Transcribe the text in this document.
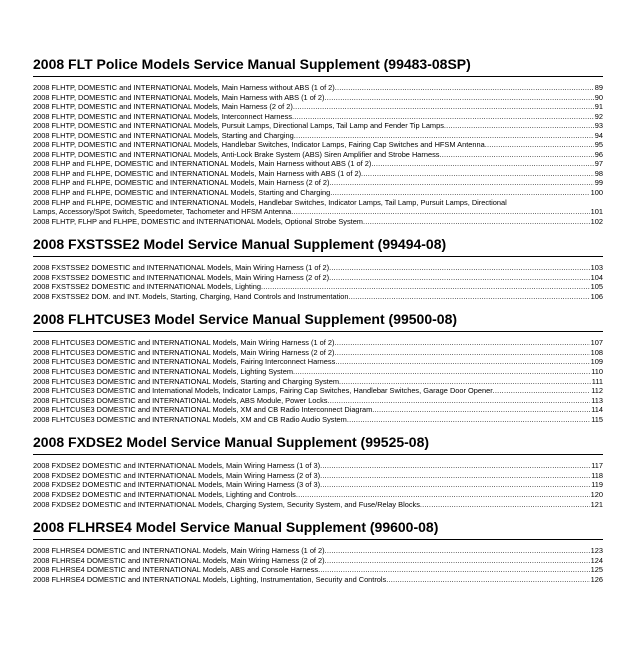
2008 FLT Police Models Service Manual Supplement (99483-08SP)
2008 FLHTP, DOMESTIC and INTERNATIONAL Models, Main Harness without ABS (1 of 2) .....	89
2008 FLHTP, DOMESTIC and INTERNATIONAL Models, Main Harness with ABS (1 of 2) .....	90
2008 FLHTP, DOMESTIC and INTERNATIONAL Models, Main Harness (2 of 2) .....	91
2008 FLHTP, DOMESTIC and INTERNATIONAL Models, Interconnect Harness .....	92
2008 FLHTP, DOMESTIC and INTERNATIONAL Models, Pursuit Lamps, Directional Lamps, Tail Lamp and Fender Tip Lamps .....	93
2008 FLHTP, DOMESTIC and INTERNATIONAL Models, Starting and Charging .....	94
2008 FLHTP, DOMESTIC and INTERNATIONAL Models, Handlebar Switches, Indicator Lamps, Fairing Cap Switches and HFSM Antenna .....	95
2008 FLHTP, DOMESTIC and INTERNATIONAL Models, Anti-Lock Brake System (ABS) Siren Amplifier and Strobe Harness .....	96
2008 FLHP and FLHPE, DOMESTIC and INTERNATIONAL Models, Main Harness without ABS (1 of 2) .....	97
2008 FLHP and FLHPE, DOMESTIC and INTERNATIONAL Models, Main Harness with ABS (1 of 2) .....	98
2008 FLHP and FLHPE, DOMESTIC and INTERNATIONAL Models, Main Harness (2 of 2) .....	99
2008 FLHP and FLHPE, DOMESTIC and INTERNATIONAL Models, Starting and Charging .....	100
2008 FLHP and FLHPE, DOMESTIC and INTERNATIONAL Models, Handlebar Switches, Indicator Lamps, Tail Lamp, Pursuit Lamps, Directional
Lamps, Accessory/Spot Switch, Speedometer, Tachometer and HFSM Antenna .....	101
2008 FLHTP, FLHP and FLHPE, DOMESTIC and INTERNATIONAL Models, Optional Strobe System .....	102
2008 FXSTSSE2 Model Service Manual Supplement (99494-08)
2008 FXSTSSE2 DOMESTIC and INTERNATIONAL Models, Main Wiring Harness (1 of 2) .....	103
2008 FXSTSSE2 DOMESTIC and INTERNATIONAL Models, Main Wiring Harness (2 of 2) .....	104
2008 FXSTSSE2 DOMESTIC and INTERNATIONAL Models, Lighting .....	105
2008 FXSTSSE2 DOM. and INT. Models, Starting, Charging, Hand Controls and Instrumentation .....	106
2008 FLHTCUSE3 Model Service Manual Supplement (99500-08)
2008 FLHTCUSE3 DOMESTIC and INTERNATIONAL Models, Main Wiring Harness (1 of 2) .....	107
2008 FLHTCUSE3 DOMESTIC and INTERNATIONAL Models, Main Wiring Harness (2 of 2) .....	108
2008 FLHTCUSE3 DOMESTIC and INTERNATIONAL Models, Fairing Interconnect Harness .....	109
2008 FLHTCUSE3 DOMESTIC and INTERNATIONAL Models, Lighting System .....	110
2008 FLHTCUSE3 DOMESTIC and INTERNATIONAL Models, Starting and Charging System .....	111
2008 FLHTCUSE3 DOMESTIC and International Models, Indicator Lamps, Fairing Cap Switches, Handlebar Switches, Garage Door Opener .....	112
2008 FLHTCUSE3 DOMESTIC and INTERNATIONAL Models, ABS Module, Power Locks .....	113
2008 FLHTCUSE3 DOMESTIC and INTERNATIONAL Models, XM and CB Radio Interconnect Diagram .....	114
2008 FLHTCUSE3 DOMESTIC and INTERNATIONAL Models, XM and CB Radio Audio System .....	115
2008 FXDSE2 Model Service Manual Supplement (99525-08)
2008 FXDSE2 DOMESTIC and INTERNATIONAL Models, Main Wiring Harness (1 of 3) .....	117
2008 FXDSE2 DOMESTIC and INTERNATIONAL Models, Main Wiring Harness (2 of 3) .....	118
2008 FXDSE2 DOMESTIC and INTERNATIONAL Models, Main Wiring Harness (3 of 3) .....	119
2008 FXDSE2 DOMESTIC and INTERNATIONAL Models, Lighting and Controls .....	120
2008 FXDSE2 DOMESTIC and INTERNATIONAL Models, Charging System, Security System, and Fuse/Relay Blocks .....	121
2008 FLHRSE4 Model Service Manual Supplement (99600-08)
2008 FLHRSE4 DOMESTIC and INTERNATIONAL Models, Main Wiring Harness (1 of 2) .....	123
2008 FLHRSE4 DOMESTIC and INTERNATIONAL Models, Main Wiring Harness (2 of 2) .....	124
2008 FLHRSE4 DOMESTIC and INTERNATIONAL Models, ABS and Console Harness .....	125
2008 FLHRSE4 DOMESTIC and INTERNATIONAL Models, Lighting, Instrumentation, Security and Controls .....	126
